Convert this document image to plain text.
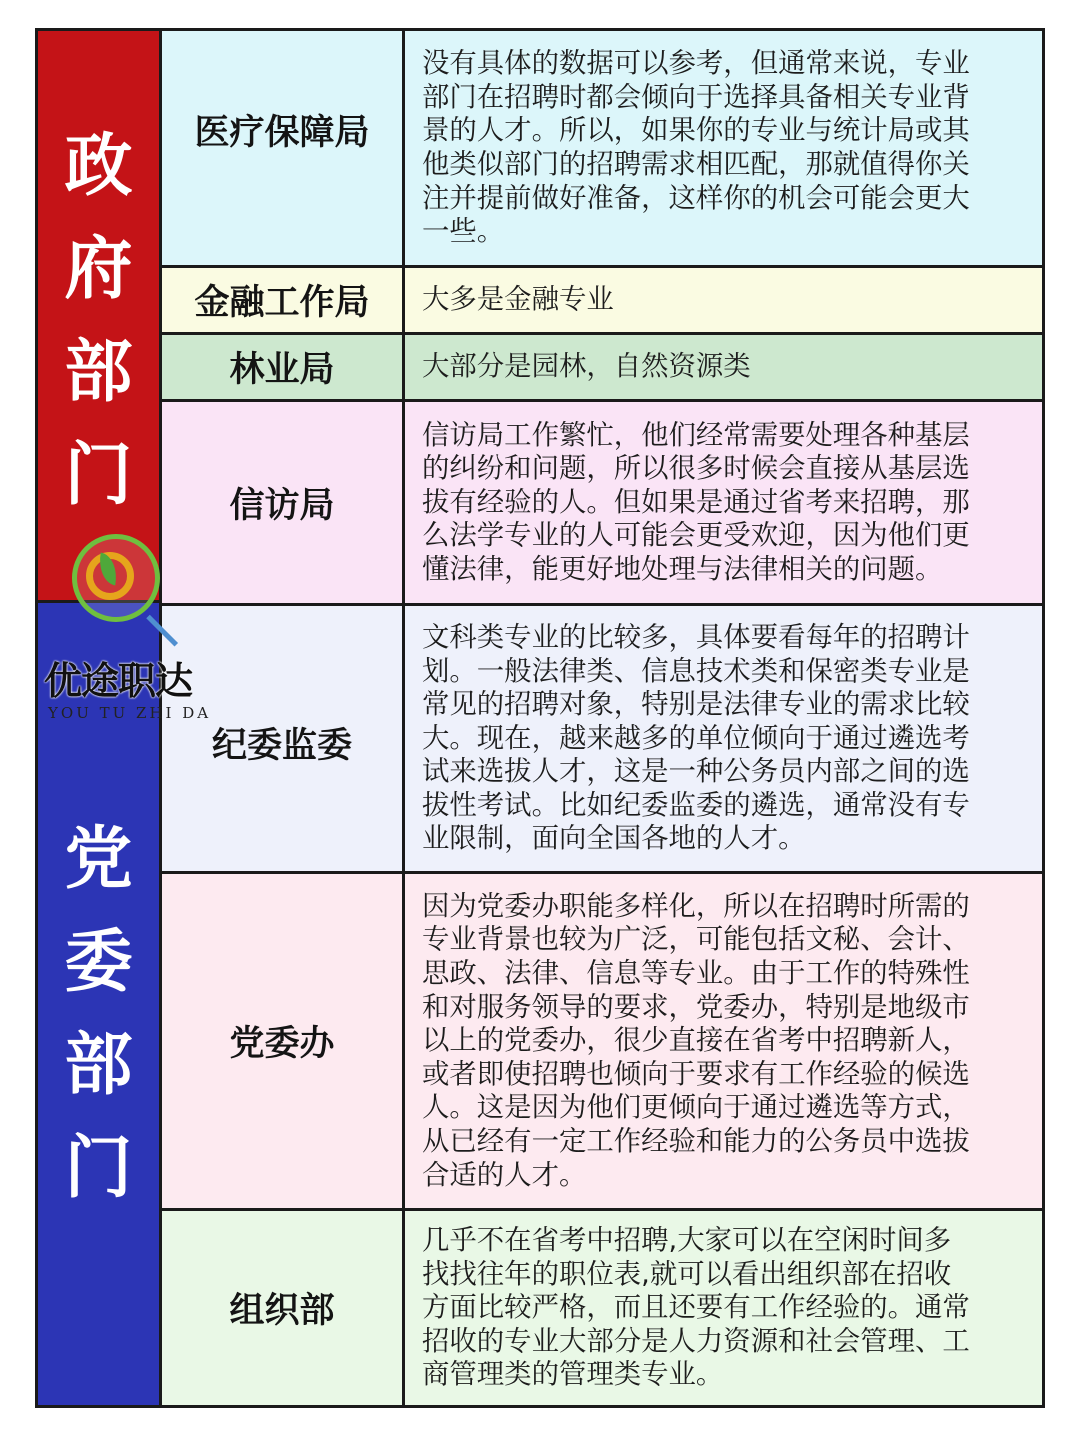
政
府
部
门
党
委
部
门
医疗保障局
没有具体的数据可以参考，但通常来说，专业
部门在招聘时都会倾向于选择具备相关专业背
景的人才。所以，如果你的专业与统计局或其
他类似部门的招聘需求相匹配，那就值得你关
注并提前做好准备，这样你的机会可能会更大
一些。
金融工作局	大多是金融专业
林业局	大部分是园林，自然资源类
信访局
信访局工作繁忙，他们经常需要处理各种基层
的纠纷和问题，所以很多时候会直接从基层选
拔有经验的人。但如果是通过省考来招聘，那
么法学专业的人可能会更受欢迎，因为他们更
懂法律，能更好地处理与法律相关的问题。
纪委监委
文科类专业的比较多，具体要看每年的招聘计
划。一般法律类、信息技术类和保密类专业是
常见的招聘对象，特别是法律专业的需求比较
大。现在，越来越多的单位倾向于通过遴选考
试来选拔人才，这是一种公务员内部之间的选
拔性考试。比如纪委监委的遴选，通常没有专
业限制，面向全国各地的人才。
党委办
因为党委办职能多样化，所以在招聘时所需的
专业背景也较为广泛，可能包括文秘、会计、
思政、法律、信息等专业。由于工作的特殊性
和对服务领导的要求，党委办，特别是地级市
以上的党委办，很少直接在省考中招聘新人，
或者即使招聘也倾向于要求有工作经验的候选
人。这是因为他们更倾向于通过遴选等方式，
从已经有一定工作经验和能力的公务员中选拔
合适的人才。
组织部
几乎不在省考中招聘,大家可以在空闲时间多
找找往年的职位表,就可以看出组织部在招收
方面比较严格，而且还要有工作经验的。通常
招收的专业大部分是人力资源和社会管理、工
商管理类的管理类专业。
优途职达
YOU TU ZHI DA
